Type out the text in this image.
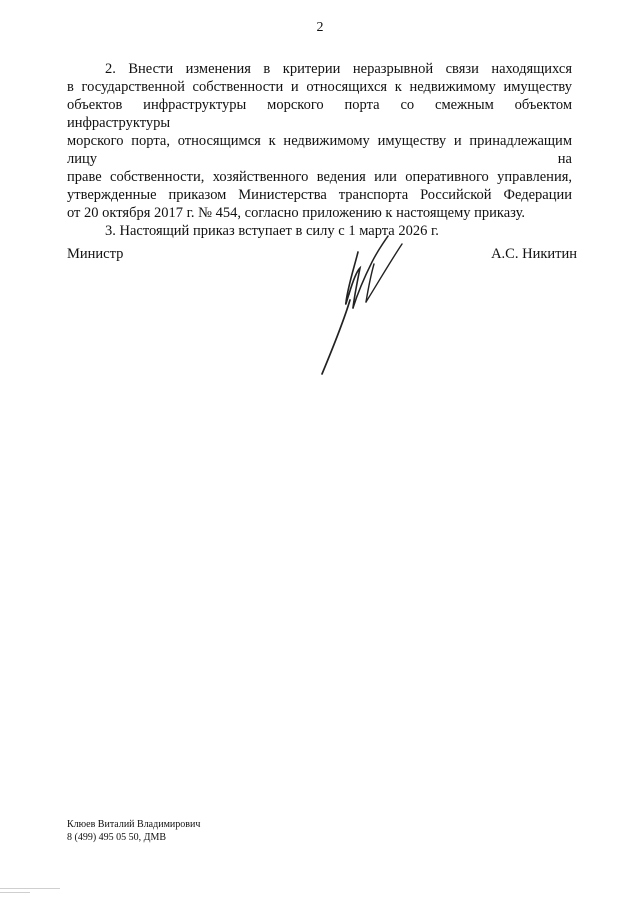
2

2. Внести изменения в критерии неразрывной связи находящихся
в государственной собственности и относящихся к недвижимому имуществу
объектов инфраструктуры морского порта со смежным объектом инфраструктуры
морского порта, относящимся к недвижимому имуществу и принадлежащим лицу на
праве собственности, хозяйственного ведения или оперативного управления,
утвержденные приказом Министерства транспорта Российской Федерации
от 20 октября 2017 г. № 454, согласно приложению к настоящему приказу.

3. Настоящий приказ вступает в силу с 1 марта 2026 г.

Министр	А.С. Никитин
Клюев Виталий Владимирович
8 (499) 495 05 50, ДМВ
